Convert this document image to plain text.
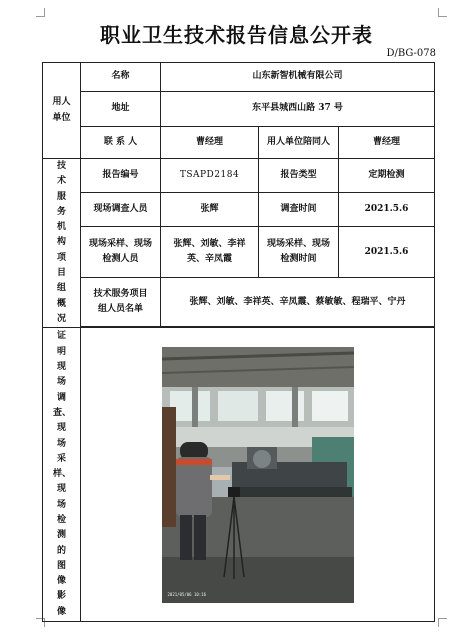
职业卫生技术报告信息公开表
D/BG-078
用人单位	名称	山东新智机械有限公司		
	地址	东平县城西山路 37 号		
	联 系 人	曹经理	用人单位陪同人	曹经理
技术服务机构项目组概况	报告编号	TSAPD2184	报告类型	定期检测
	现场调查人员	张辉	调查时间	2021.5.6
	现场采样、现场检测人员	张辉、刘敏、李祥英、辛凤霞	现场采样、现场检测时间	2021.5.6
	技术服务项目组人员名单	张辉、刘敏、李祥英、辛凤霞、蔡敏敏、程瑞平、宁丹		

证明现场调查、现场采样、现场检测的图像影像	2021/05/06 10:16			
